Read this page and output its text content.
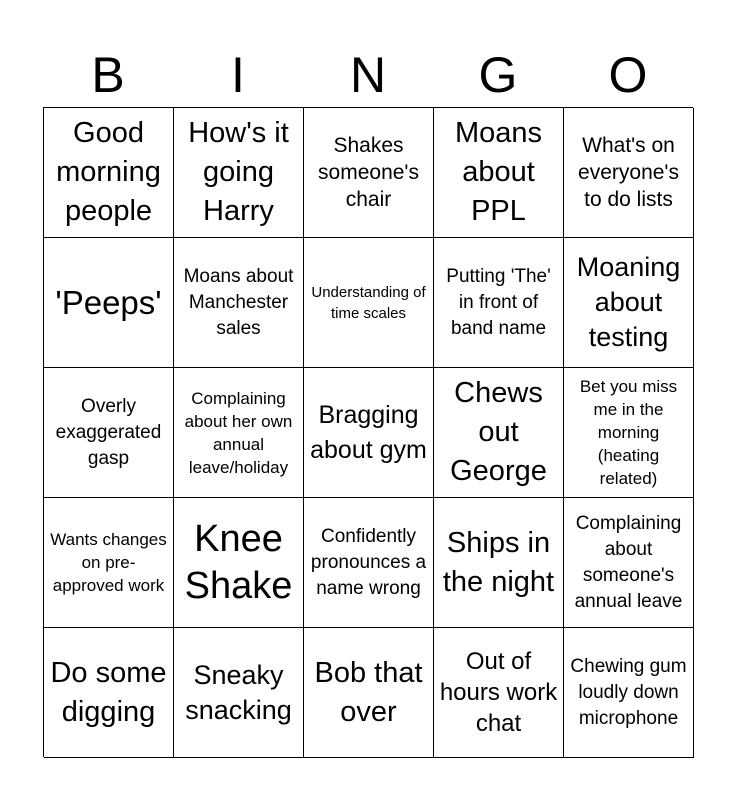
B	I	N	G	O
Good morning people
How's it going Harry
Shakes someone's chair
Moans about PPL
What's on everyone's to do lists
'Peeps'
Moans about Manchester sales
Understanding of time scales
Putting 'The' in front of band name
Moaning about testing
Overly exaggerated gasp
Complaining about her own annual leave/holiday
Bragging about gym
Chews out George
Bet you miss me in the morning (heating related)
Wants changes on pre-approved work
Knee Shake
Confidently pronounces a name wrong
Ships in the night
Complaining about someone's annual leave
Do some digging
Sneaky snacking
Bob that over
Out of hours work chat
Chewing gum loudly down microphone
